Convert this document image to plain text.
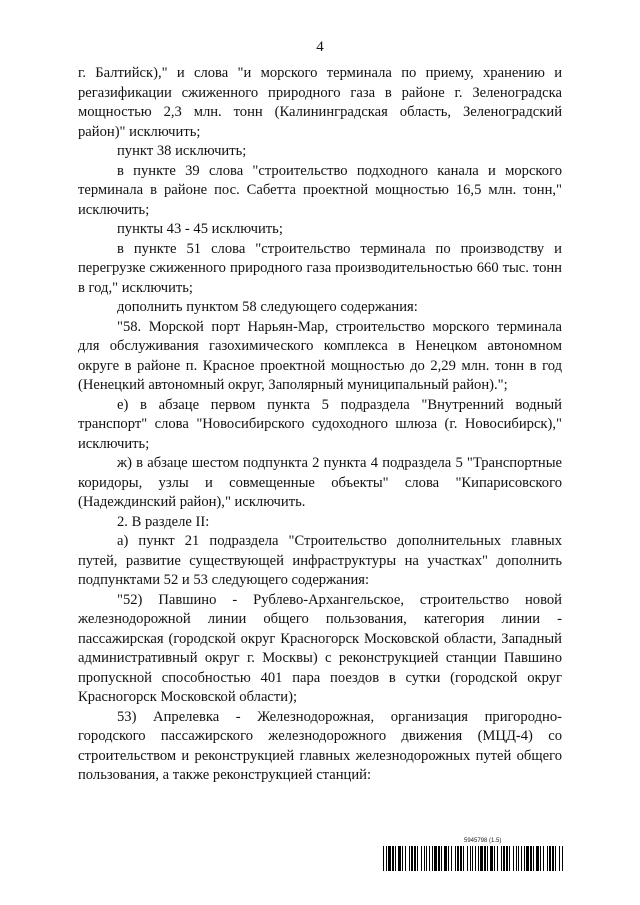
4

г. Балтийск)," и слова "и морского терминала по приему, хранению и регазификации сжиженного природного газа в районе г. Зеленоградска мощностью 2,3 млн. тонн (Калининградская область, Зеленоградский район)" исключить;

пункт 38 исключить;

в пункте 39 слова "строительство подходного канала и морского терминала в районе пос. Сабетта проектной мощностью 16,5 млн. тонн," исключить;

пункты 43 - 45 исключить;

в пункте 51 слова "строительство терминала по производству и перегрузке сжиженного природного газа производительностью 660 тыс. тонн в год," исключить;

дополнить пунктом 58 следующего содержания:

"58. Морской порт Нарьян-Мар, строительство морского терминала для обслуживания газохимического комплекса в Ненецком автономном округе в районе п. Красное проектной мощностью до 2,29 млн. тонн в год (Ненецкий автономный округ, Заполярный муниципальный район).";

е) в абзаце первом пункта 5 подраздела "Внутренний водный транспорт" слова "Новосибирского судоходного шлюза (г. Новосибирск)," исключить;

ж) в абзаце шестом подпункта 2 пункта 4 подраздела 5 "Транспортные коридоры, узлы и совмещенные объекты" слова "Кипарисовского (Надеждинский район)," исключить.

2. В разделе II:

а) пункт 21 подраздела "Строительство дополнительных главных путей, развитие существующей инфраструктуры на участках" дополнить подпунктами 52 и 53 следующего содержания:

"52) Павшино - Рублево-Архангельское, строительство новой железнодорожной линии общего пользования, категория линии - пассажирская (городской округ Красногорск Московской области, Западный административный округ г. Москвы) с реконструкцией станции Павшино пропускной способностью 401 пара поездов в сутки (городской округ Красногорск Московской области);

53) Апрелевка - Железнодорожная, организация пригородно-городского пассажирского железнодорожного движения (МЦД-4) со строительством и реконструкцией главных железнодорожных путей общего пользования, а также реконструкцией станций:

5945798 (1.5)
